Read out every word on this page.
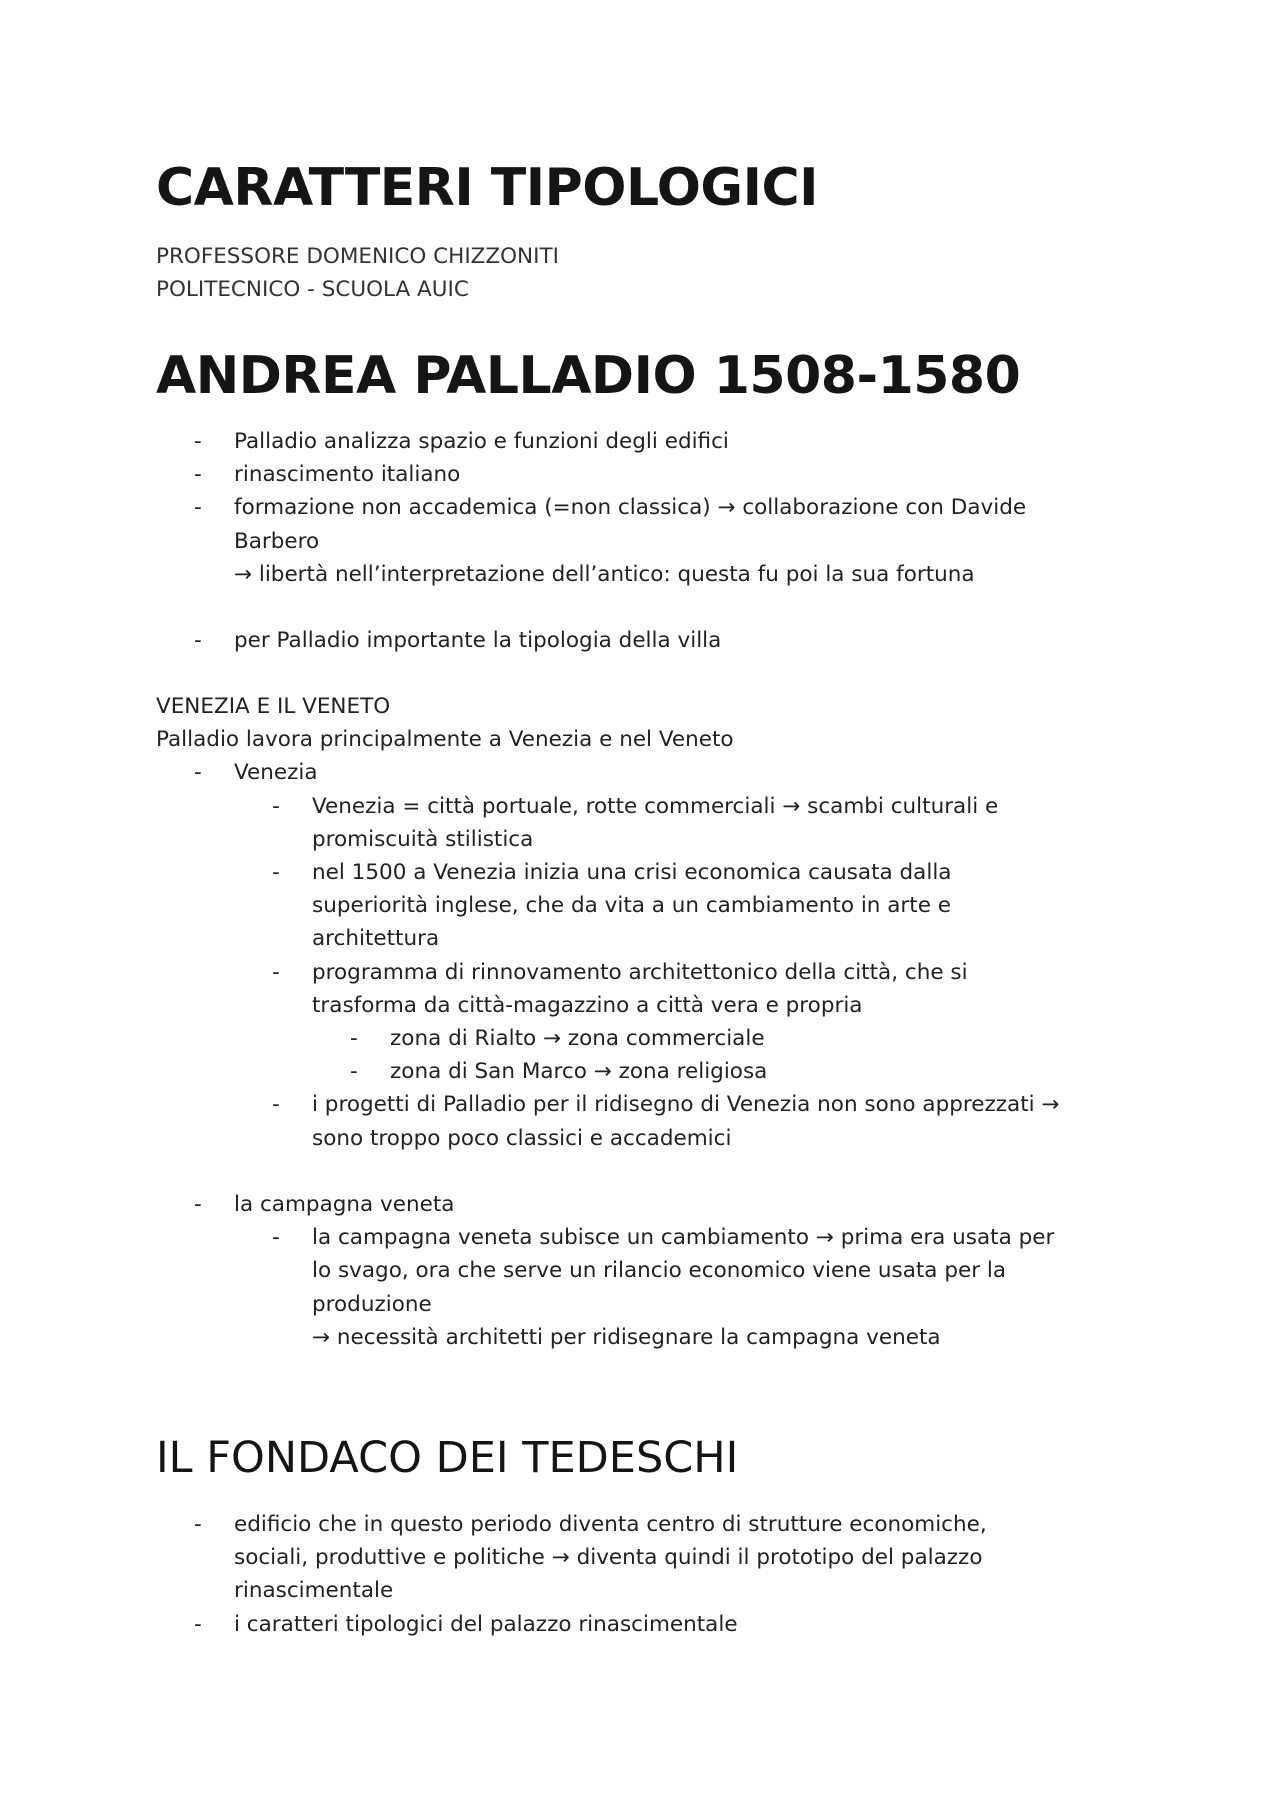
CARATTERI TIPOLOGICI
PROFESSORE DOMENICO CHIZZONITI
POLITECNICO - SCUOLA AUIC
ANDREA PALLADIO 1508-1580
- Palladio analizza spazio e funzioni degli edifici
- rinascimento italiano
- formazione non accademica (=non classica) → collaborazione con Davide
Barbero
→ libertà nell’interpretazione dell’antico: questa fu poi la sua fortuna
- per Palladio importante la tipologia della villa
VENEZIA E IL VENETO
Palladio lavora principalmente a Venezia e nel Veneto
- Venezia
- Venezia = città portuale, rotte commerciali → scambi culturali e
promiscuità stilistica
- nel 1500 a Venezia inizia una crisi economica causata dalla
superiorità inglese, che da vita a un cambiamento in arte e
architettura
- programma di rinnovamento architettonico della città, che si
trasforma da città-magazzino a città vera e propria
- zona di Rialto → zona commerciale
- zona di San Marco → zona religiosa
- i progetti di Palladio per il ridisegno di Venezia non sono apprezzati →
sono troppo poco classici e accademici
- la campagna veneta
- la campagna veneta subisce un cambiamento → prima era usata per
lo svago, ora che serve un rilancio economico viene usata per la
produzione
→ necessità architetti per ridisegnare la campagna veneta
IL FONDACO DEI TEDESCHI
- edificio che in questo periodo diventa centro di strutture economiche,
sociali, produttive e politiche → diventa quindi il prototipo del palazzo
rinascimentale
- i caratteri tipologici del palazzo rinascimentale
